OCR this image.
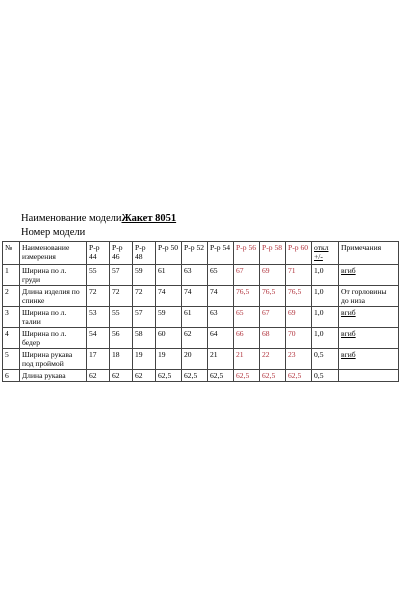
Наименование моделиЖакет 8051
Номер модели
№	Наименование измерения	Р-р 44	Р-р 46	Р-р 48	Р-р 50	Р-р 52	Р-р 54	Р-р 56	Р-р 58	Р-р 60	откл +/-	Примечания
1	Ширина по л. груди	55	57	59	61	63	65	67	69	71	1,0	вгиб
2	Длина изделия по спинке	72	72	72	74	74	74	76,5	76,5	76,5	1,0	От горловины до низа
3	Ширина по л. талии	53	55	57	59	61	63	65	67	69	1,0	вгиб
4	Ширина по л. бедер	54	56	58	60	62	64	66	68	70	1,0	вгиб
5	Ширина рукава под проймой	17	18	19	19	20	21	21	22	23	0,5	вгиб
6	Длина рукава	62	62	62	62,5	62,5	62,5	62,5	62,5	62,5	0,5	
